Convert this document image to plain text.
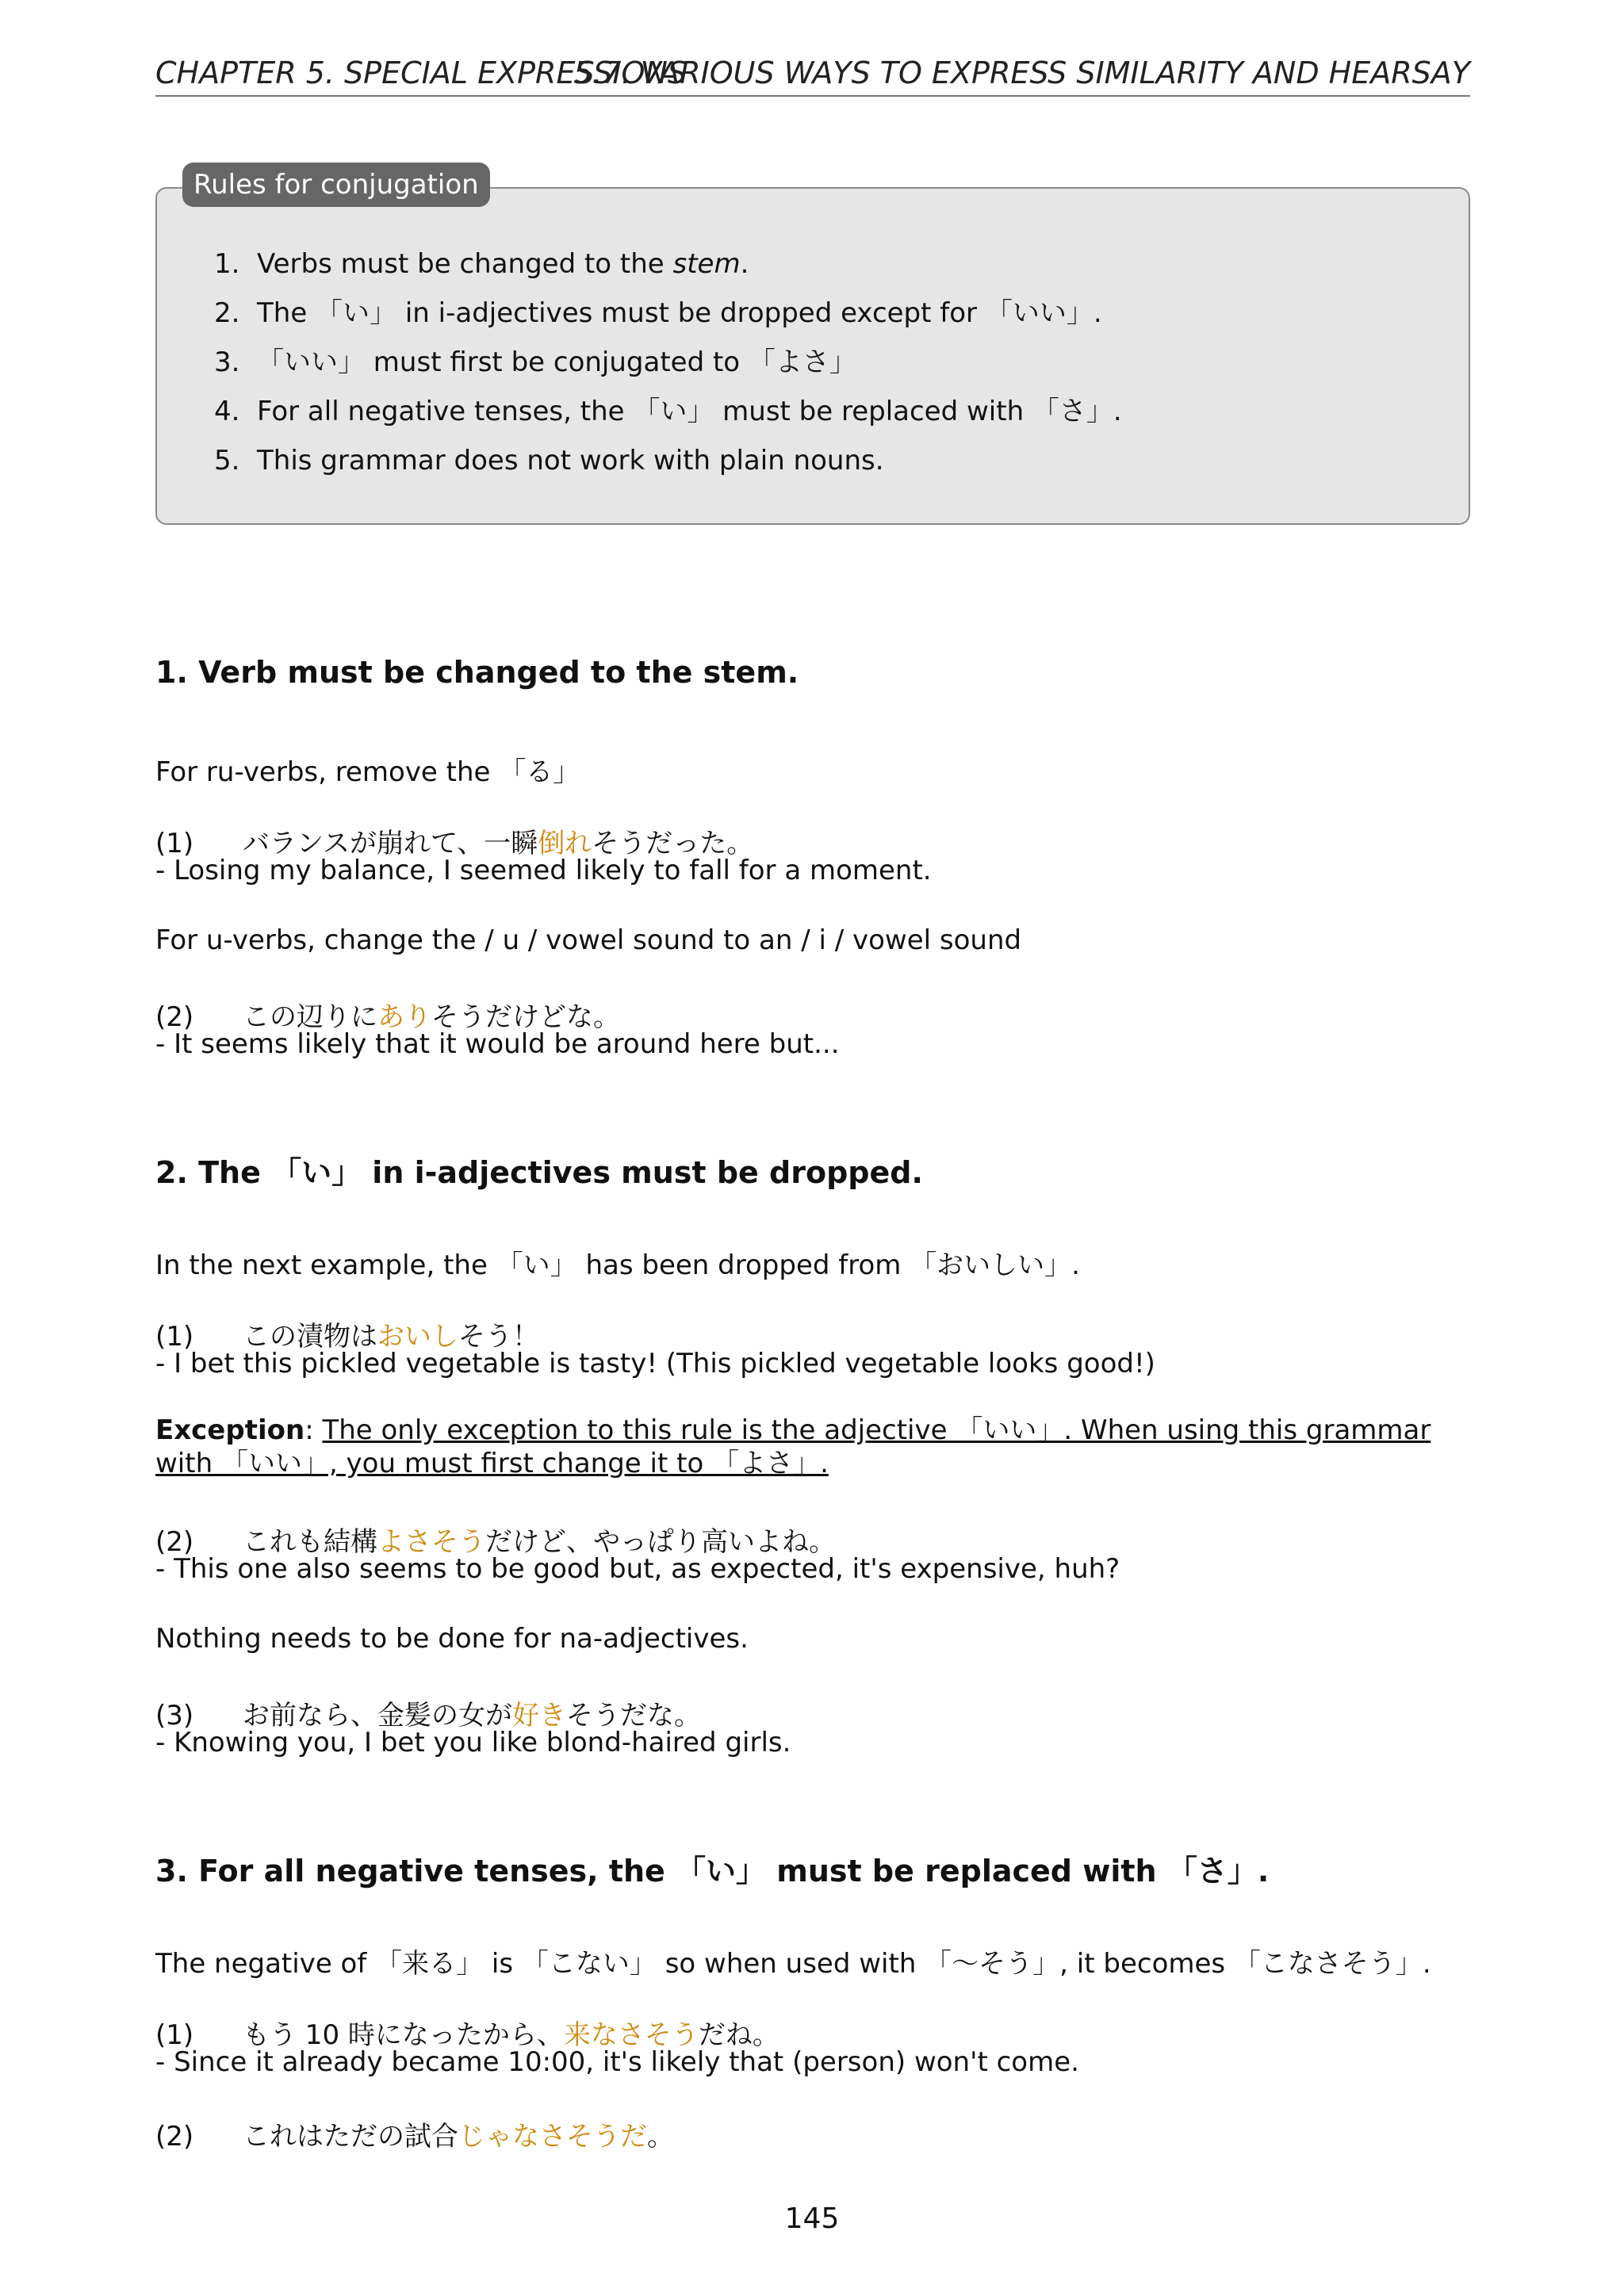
CHAPTER 5. SPECIAL EXPRESSIONS
5.7. VARIOUS WAYS TO EXPRESS SIMILARITY AND HEARSAY
Rules for conjugation
1. Verbs must be changed to the stem.
2. The 「い」 in i-adjectives must be dropped except for 「いい」.
3. 「いい」 must first be conjugated to 「よさ」
4. For all negative tenses, the 「い」 must be replaced with 「さ」.
5. This grammar does not work with plain nouns.
1. Verb must be changed to the stem.
For ru-verbs, remove the 「る」
(1) バランスが崩れて、一瞬倒れそうだった。
- Losing my balance, I seemed likely to fall for a moment.
For u-verbs, change the / u / vowel sound to an / i / vowel sound
(2) この辺りにありそうだけどな。
- It seems likely that it would be around here but...
2. The 「い」 in i-adjectives must be dropped.
In the next example, the 「い」 has been dropped from 「おいしい」.
(1) この漬物はおいしそう！
- I bet this pickled vegetable is tasty! (This pickled vegetable looks good!)
Exception: The only exception to this rule is the adjective 「いい」. When using this grammar with 「いい」, you must first change it to 「よさ」.
(2) これも結構よさそうだけど、やっぱり高いよね。
- This one also seems to be good but, as expected, it's expensive, huh?
Nothing needs to be done for na-adjectives.
(3) お前なら、金髪の女が好きそうだな。
- Knowing you, I bet you like blond-haired girls.
3. For all negative tenses, the 「い」 must be replaced with 「さ」.
The negative of 「来る」 is 「こない」 so when used with 「～そう」, it becomes 「こなさそう」.
(1) もう 10 時になったから、来なさそうだね。
- Since it already became 10:00, it's likely that (person) won't come.
(2) これはただの試合じゃなさそうだ。
145
